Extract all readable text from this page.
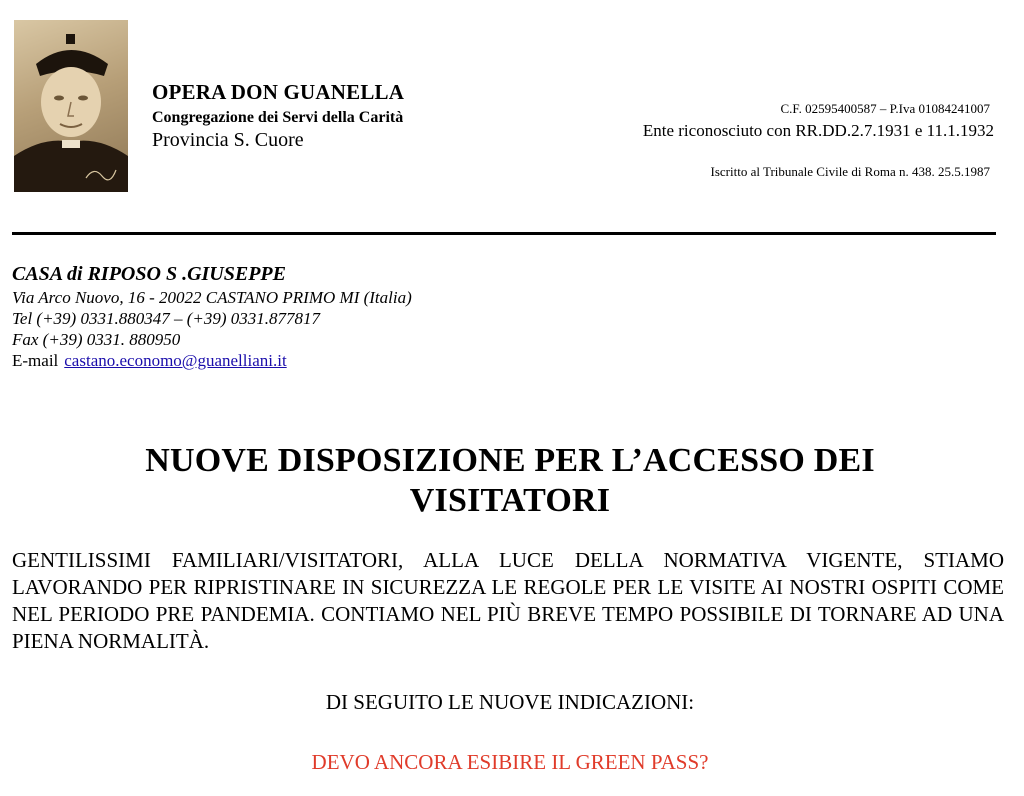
OPERA DON GUANELLA
Congregazione dei Servi della Carità
Provincia S. Cuore
C.F. 02595400587 – P.Iva 01084241007
Ente riconosciuto con RR.DD.2.7.1931 e 11.1.1932
Iscritto al Tribunale Civile di Roma n. 438. 25.5.1987
CASA di RIPOSO S .GIUSEPPE
Via Arco Nuovo, 16 - 20022 CASTANO PRIMO MI (Italia)
Tel (+39) 0331.880347 – (+39) 0331.877817
Fax (+39) 0331. 880950
E-mail castano.economo@guanelliani.it
NUOVE DISPOSIZIONE PER L’ACCESSO DEI
VISITATORI
GENTILISSIMI FAMILIARI/VISITATORI, ALLA LUCE DELLA NORMATIVA VIGENTE, STIAMO LAVORANDO PER RIPRISTINARE IN SICUREZZA LE REGOLE PER LE VISITE AI NOSTRI OSPITI COME NEL PERIODO PRE PANDEMIA. CONTIAMO NEL PIÙ BREVE TEMPO POSSIBILE DI TORNARE AD UNA PIENA NORMALITÀ.
DI SEGUITO LE NUOVE INDICAZIONI:
DEVO ANCORA ESIBIRE IL GREEN PASS?
